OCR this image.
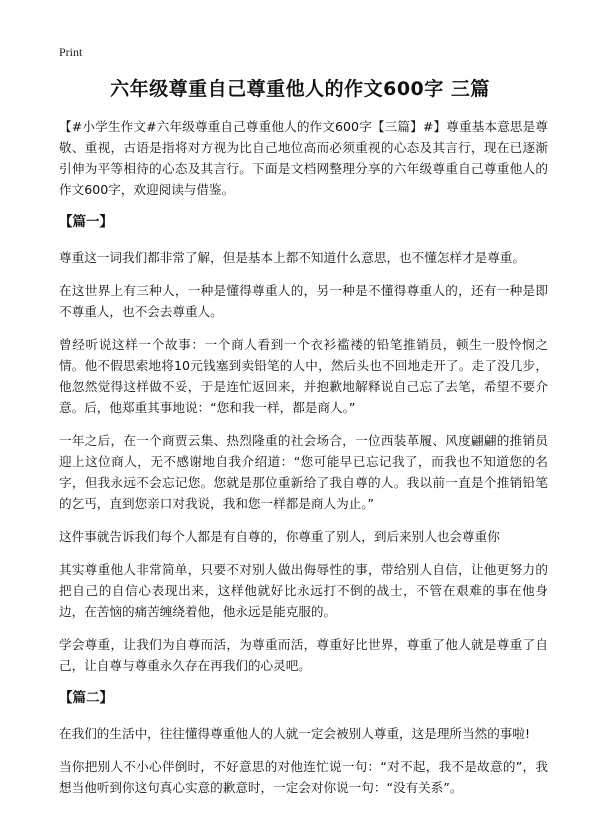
Print
六年级尊重自己尊重他人的作文600字 三篇

【#小学生作文#六年级尊重自己尊重他人的作文600字【三篇】#】尊重基本意思是尊敬、重视，古语是指将对方视为比自己地位高而必须重视的心态及其言行，现在已逐渐引伸为平等相待的心态及其言行。下面是文档网整理分享的六年级尊重自己尊重他人的作文600字，欢迎阅读与借鉴。

【篇一】

尊重这一词我们都非常了解，但是基本上都不知道什么意思，也不懂怎样才是尊重。

在这世界上有三种人，一种是懂得尊重人的，另一种是不懂得尊重人的，还有一种是即不尊重人，也不会去尊重人。

曾经听说这样一个故事：一个商人看到一个衣衫褴褛的铅笔推销员，顿生一股怜悯之情。他不假思索地将10元钱塞到卖铅笔的人中，然后头也不回地走开了。走了没几步，他忽然觉得这样做不妥，于是连忙返回来，并抱歉地解释说自己忘了去笔，希望不要介意。后，他郑重其事地说：“您和我一样，都是商人。”

一年之后，在一个商贾云集、热烈隆重的社会场合，一位西装革履、风度翩翩的推销员迎上这位商人，无不感谢地自我介绍道：“您可能早已忘记我了，而我也不知道您的名字，但我永远不会忘记您。您就是那位重新给了我自尊的人。我以前一直是个推销铅笔的乞丐，直到您亲口对我说，我和您一样都是商人为止。”

这件事就告诉我们每个人都是有自尊的，你尊重了别人，到后来别人也会尊重你

其实尊重他人非常简单，只要不对别人做出侮辱性的事，带给别人自信，让他更努力的把自己的自信心表现出来，这样他就好比永远打不倒的战士，不管在艰难的事在他身边，在苦恼的痛苦缠绕着他，他永远是能克服的。

学会尊重，让我们为自尊而活，为尊重而活，尊重好比世界，尊重了他人就是尊重了自己，让自尊与尊重永久存在再我们的心灵吧。

【篇二】

在我们的生活中，往往懂得尊重他人的人就一定会被别人尊重，这是理所当然的事啦!

当你把别人不小心伴倒时，不好意思的对他连忙说一句：“对不起，我不是故意的”，我想当他听到你这句真心实意的歉意时，一定会对你说一句：“没有关系”。
